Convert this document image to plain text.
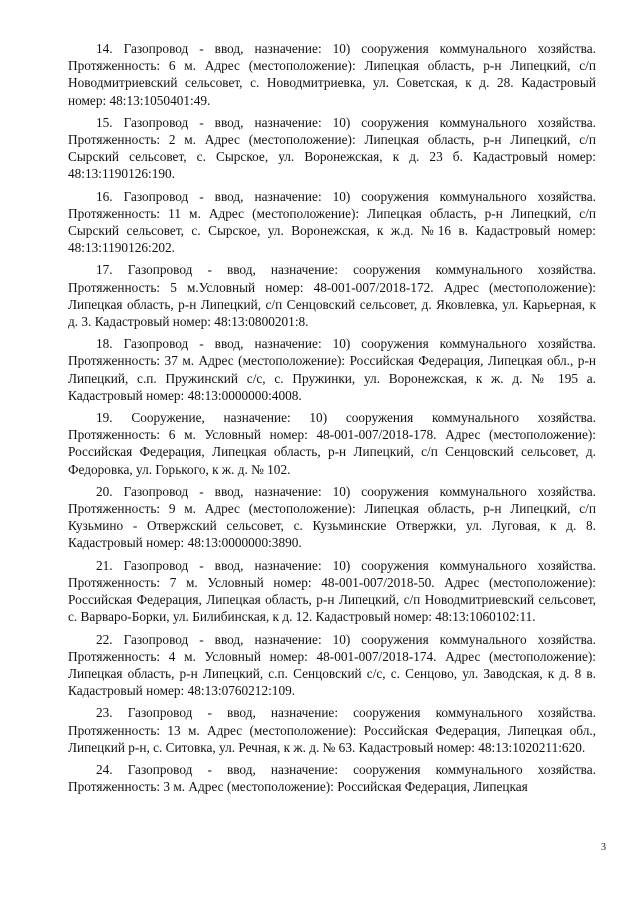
14. Газопровод - ввод, назначение: 10) сооружения коммунального хозяйства. Протяженность: 6 м. Адрес (местоположение): Липецкая область, р-н Липецкий, с/п Новодмитриевский сельсовет, с. Новодмитриевка, ул. Советская, к д. 28. Кадастровый номер: 48:13:1050401:49.

15. Газопровод - ввод, назначение: 10) сооружения коммунального хозяйства. Протяженность: 2 м. Адрес (местоположение): Липецкая область, р-н Липецкий, с/п Сырский сельсовет, с. Сырское, ул. Воронежская, к д. 23 б. Кадастровый номер: 48:13:1190126:190.

16. Газопровод - ввод, назначение: 10) сооружения коммунального хозяйства. Протяженность: 11 м. Адрес (местоположение): Липецкая область, р-н Липецкий, с/п Сырский сельсовет, с. Сырское, ул. Воронежская, к ж.д. №16 в. Кадастровый номер: 48:13:1190126:202.

17. Газопровод - ввод, назначение: сооружения коммунального хозяйства. Протяженность: 5 м.Условный номер: 48-001-007/2018-172. Адрес (местоположение): Липецкая область, р-н Липецкий, с/п Сенцовский сельсовет, д. Яковлевка, ул. Карьерная, к д. 3. Кадастровый номер: 48:13:0800201:8.

18. Газопровод - ввод, назначение: 10) сооружения коммунального хозяйства. Протяженность: 37 м. Адрес (местоположение): Российская Федерация, Липецкая обл., р-н Липецкий, с.п. Пружинский с/с, с. Пружинки, ул. Воронежская, к ж. д. № 195 а. Кадастровый номер: 48:13:0000000:4008.

19. Сооружение, назначение: 10) сооружения коммунального хозяйства. Протяженность: 6 м. Условный номер: 48-001-007/2018-178. Адрес (местоположение): Российская Федерация, Липецкая область, р-н Липецкий, с/п Сенцовский сельсовет, д. Федоровка, ул. Горького, к ж. д. № 102.

20. Газопровод - ввод, назначение: 10) сооружения коммунального хозяйства. Протяженность: 9 м. Адрес (местоположение): Липецкая область, р-н Липецкий, с/п Кузьмино - Отвержский сельсовет, с. Кузьминские Отвержки, ул. Луговая, к д. 8. Кадастровый номер: 48:13:0000000:3890.

21. Газопровод - ввод, назначение: 10) сооружения коммунального хозяйства. Протяженность: 7 м. Условный номер: 48-001-007/2018-50. Адрес (местоположение): Российская Федерация, Липецкая область, р-н Липецкий, с/п Новодмитриевский сельсовет, с. Варваро-Борки, ул. Билибинская, к д. 12. Кадастровый номер: 48:13:1060102:11.

22. Газопровод - ввод, назначение: 10) сооружения коммунального хозяйства. Протяженность: 4 м. Условный номер: 48-001-007/2018-174. Адрес (местоположение): Липецкая область, р-н Липецкий, с.п. Сенцовский с/с, с. Сенцово, ул. Заводская, к д. 8 в. Кадастровый номер: 48:13:0760212:109.

23. Газопровод - ввод, назначение: сооружения коммунального хозяйства. Протяженность: 13 м. Адрес (местоположение): Российская Федерация, Липецкая обл., Липецкий р-н, с. Ситовка, ул. Речная, к ж. д. № 63. Кадастровый номер: 48:13:1020211:620.

24. Газопровод - ввод, назначение: сооружения коммунального хозяйства. Протяженность: 3 м. Адрес (местоположение): Российская Федерация, Липецкая

3
